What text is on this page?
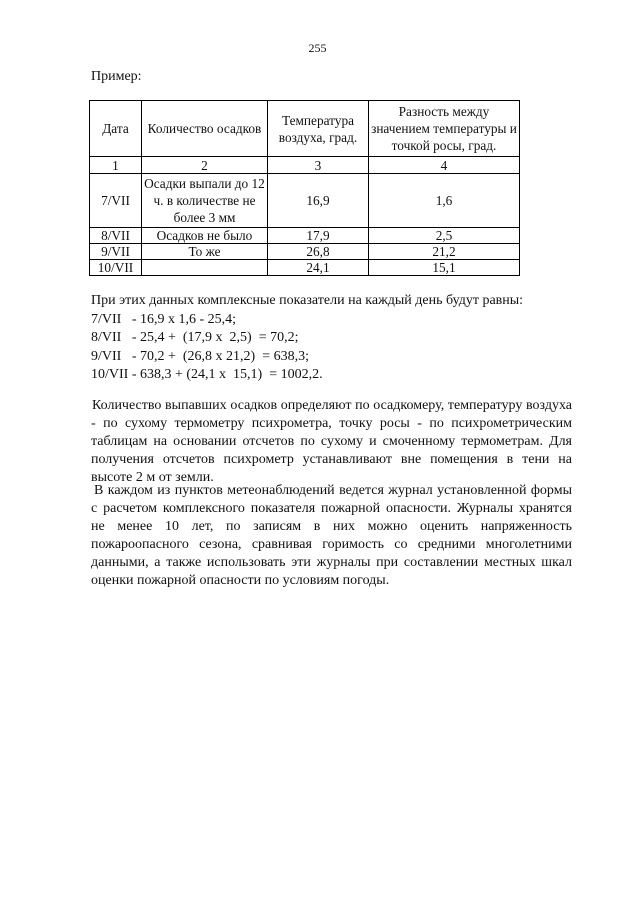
255
Пример:
Дата	Количество осадков	Температура воздуха, град.	Разность между значением температуры и точкой росы, град.
1	2	3	4
7/VII	Осадки выпали до 12 ч. в количестве не более 3 мм	16,9	1,6
8/VII	Осадков не было	17,9	2,5
9/VII	То же	26,8	21,2
10/VII		24,1	15,1
При этих данных комплексные показатели на каждый день будут равны:
7/VII   - 16,9 х 1,6 - 25,4;
8/VII   - 25,4 +  (17,9 х  2,5)  = 70,2;
9/VII   - 70,2 +  (26,8 х 21,2)  = 638,3;
10/VII - 638,3 + (24,1 х  15,1)  = 1002,2.

Количество выпавших осадков определяют по осадкомеру, температуру воздуха - по сухому термометру психрометра, точку росы - по психрометрическим таблицам на основании отсчетов по сухому и смоченному термометрам. Для получения отсчетов психрометр устанавливают вне помещения в тени на высоте 2 м от земли.

В каждом из пунктов метеонаблюдений ведется журнал установленной формы с расчетом комплексного показателя пожарной опасности. Журналы хранятся не менее 10 лет, по записям в них можно оценить напряженность пожароопасного сезона, сравнивая горимость со средними многолетними данными, а также использовать эти журналы при составлении местных шкал оценки пожарной опасности по условиям погоды.
